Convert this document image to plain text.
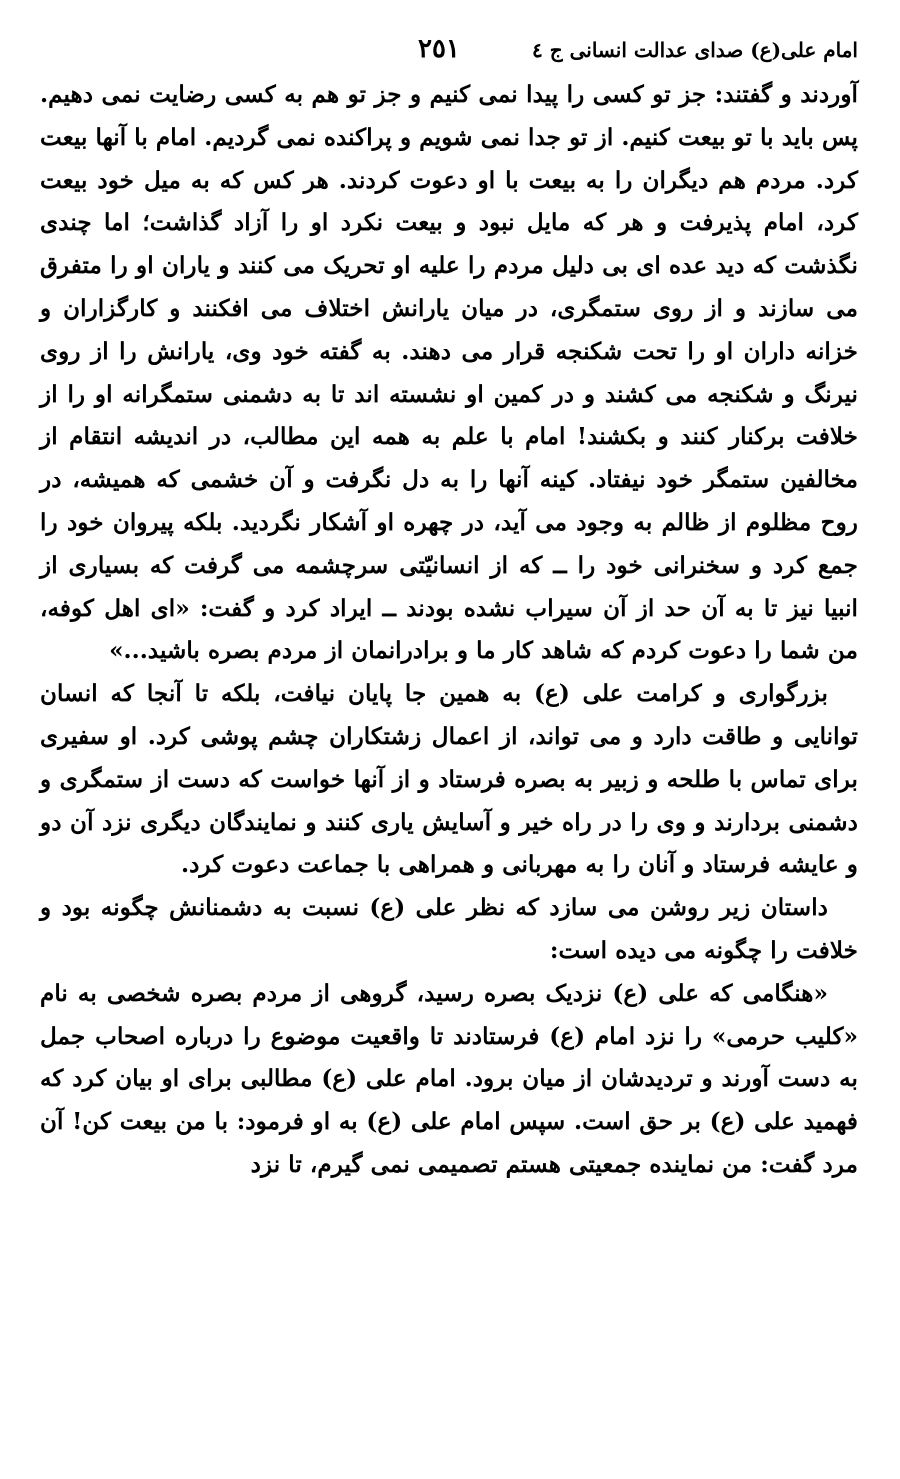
امام علی(ع) صدای عدالت انسانی ج ٤
٢٥١

آوردند و گفتند: جز تو کسی را پیدا نمی کنیم و جز تو هم به کسی رضایت نمی دهیم. پس باید با تو بیعت کنیم. از تو جدا نمی شویم و پراکنده نمی گردیم. امام با آنها بیعت کرد. مردم هم دیگران را به بیعت با او دعوت کردند. هر کس که به میل خود بیعت کرد، امام پذیرفت و هر که مایل نبود و بیعت نکرد او را آزاد گذاشت؛ اما چندی نگذشت که دید عده ای بی دلیل مردم را علیه او تحریک می کنند و یاران او را متفرق می سازند و از روی ستمگری، در میان یارانش اختلاف می افکنند و کارگزاران و خزانه داران او را تحت شکنجه قرار می دهند. به گفته خود وی، یارانش را از روی نیرنگ و شکنجه می کشند و در کمین او نشسته اند تا به دشمنی ستمگرانه او را از خلافت برکنار کنند و بکشند! امام با علم به همه این مطالب، در اندیشه انتقام از مخالفین ستمگر خود نیفتاد. کینه آنها را به دل نگرفت و آن خشمی که همیشه، در روح مظلوم از ظالم به وجود می آید، در چهره او آشکار نگردید. بلکه پیروان خود را جمع کرد و سخنرانی خود را ــ که از انسانیّتی سرچشمه می گرفت که بسیاری از انبیا نیز تا به آن حد از آن سیراب نشده بودند ــ ایراد کرد و گفت: «ای اهل کوفه، من شما را دعوت کردم که شاهد کار ما و برادرانمان از مردم بصره باشید...»

بزرگواری و کرامت علی (ع) به همین جا پایان نیافت، بلکه تا آنجا که انسان توانایی و طاقت دارد و می تواند، از اعمال زشتکاران چشم پوشی کرد. او سفیری برای تماس با طلحه و زبیر به بصره فرستاد و از آنها خواست که دست از ستمگری و دشمنی بردارند و وی را در راه خیر و آسایش یاری کنند و نمایندگان دیگری نزد آن دو و عایشه فرستاد و آنان را به مهربانی و همراهی با جماعت دعوت کرد.

داستان زیر روشن می سازد که نظر علی (ع) نسبت به دشمنانش چگونه بود و خلافت را چگونه می دیده است:

«هنگامی که علی (ع) نزدیک بصره رسید، گروهی از مردم بصره شخصی به نام «کلیب حرمی» را نزد امام (ع) فرستادند تا واقعیت موضوع را درباره اصحاب جمل به دست آورند و تردیدشان از میان برود. امام علی (ع) مطالبی برای او بیان کرد که فهمید علی (ع) بر حق است. سپس امام علی (ع) به او فرمود: با من بیعت کن! آن مرد گفت: من نماینده جمعیتی هستم تصمیمی نمی گیرم، تا نزد
